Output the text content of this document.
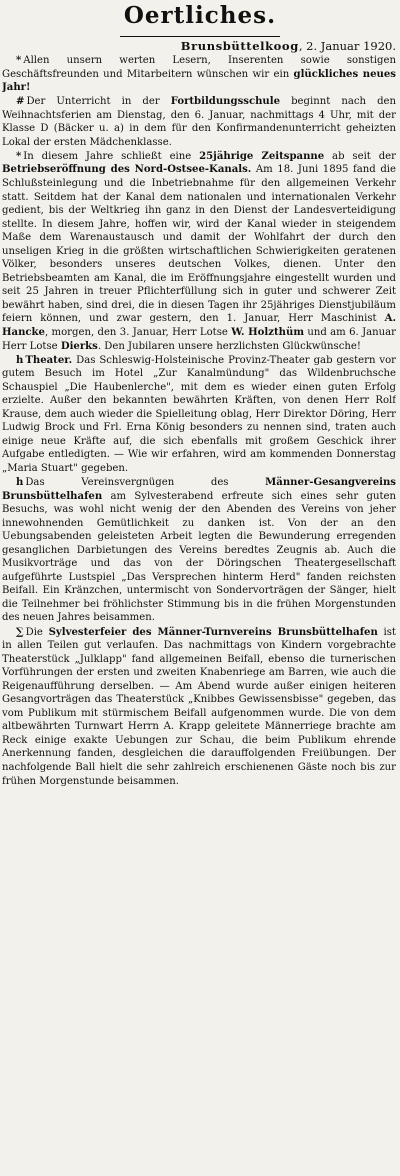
Oertliches.

Brunsbüttelkoog, 2. Januar 1920.

* Allen unsern werten Lesern, Inserenten sowie sonstigen Geschäftsfreunden und Mitarbeitern wünschen wir ein glückliches neues Jahr!

# Der Unterricht in der Fortbildungsschule beginnt nach den Weihnachtsferien am Dienstag, den 6. Januar, nachmittags 4 Uhr, mit der Klasse D (Bäcker u. a) in dem für den Konfirmandenunterricht geheizten Lokal der ersten Mädchenklasse.

* In diesem Jahre schließt eine 25jährige Zeitspanne ab seit der Betriebseröffnung des Nord-Ostsee-Kanals. Am 18. Juni 1895 fand die Schlußsteinlegung und die Inbetriebnahme für den allgemeinen Verkehr statt. Seitdem hat der Kanal dem nationalen und internationalen Verkehr gedient, bis der Weltkrieg ihn ganz in den Dienst der Landesverteidigung stellte. In diesem Jahre, hoffen wir, wird der Kanal wieder in steigendem Maße dem Warenaustausch und damit der Wohlfahrt der durch den unseligen Krieg in die größten wirtschaftlichen Schwierigkeiten geratenen Völker, besonders unseres deutschen Volkes, dienen. Unter den Betriebsbeamten am Kanal, die im Eröffnungsjahre eingestellt wurden und seit 25 Jahren in treuer Pflichterfüllung sich in guter und schwerer Zeit bewährt haben, sind drei, die in diesen Tagen ihr 25jähriges Dienstjubiläum feiern können, und zwar gestern, den 1. Januar, Herr Maschinist A. Hancke, morgen, den 3. Januar, Herr Lotse W. Holzthüm und am 6. Januar Herr Lotse Dierks. Den Jubilaren unsere herzlichsten Glückwünsche!

h Theater. Das Schleswig-Holsteinische Provinz-Theater gab gestern vor gutem Besuch im Hotel „Zur Kanalmündung" das Wildenbruchsche Schauspiel „Die Haubenlerche", mit dem es wieder einen guten Erfolg erzielte. Außer den bekannten bewährten Kräften, von denen Herr Rolf Krause, dem auch wieder die Spielleitung oblag, Herr Direktor Döring, Herr Ludwig Brock und Frl. Erna König besonders zu nennen sind, traten auch einige neue Kräfte auf, die sich ebenfalls mit großem Geschick ihrer Aufgabe entledigten. — Wie wir erfahren, wird am kommenden Donnerstag „Maria Stuart" gegeben.

h Das Vereinsvergnügen des Männer-Gesangvereins Brunsbüttelhafen am Sylvesterabend erfreute sich eines sehr guten Besuchs, was wohl nicht wenig der den Abenden des Vereins von jeher innewohnenden Gemütlichkeit zu danken ist. Von der an den Uebungsabenden geleisteten Arbeit legten die Bewunderung erregenden gesanglichen Darbietungen des Vereins beredtes Zeugnis ab. Auch die Musikvorträge und das von der Döringschen Theatergesellschaft aufgeführte Lustspiel „Das Versprechen hinterm Herd" fanden reichsten Beifall. Ein Kränzchen, untermischt von Sondervorträgen der Sänger, hielt die Teilnehmer bei fröhlichster Stimmung bis in die frühen Morgenstunden des neuen Jahres beisammen.

∑ Die Sylvesterfeier des Männer-Turnvereins Brunsbüttelhafen ist in allen Teilen gut verlaufen. Das nachmittags von Kindern vorgebrachte Theaterstück „Julklapp" fand allgemeinen Beifall, ebenso die turnerischen Vorführungen der ersten und zweiten Knabenriege am Barren, wie auch die Reigenaufführung derselben. — Am Abend wurde außer einigen heiteren Gesangvorträgen das Theaterstück „Knibbes Gewissensbisse" gegeben, das vom Publikum mit stürmischem Beifall aufgenommen wurde. Die von dem altbewährten Turnwart Herrn A. Krapp geleitete Männerriege brachte am Reck einige exakte Uebungen zur Schau, die beim Publikum ehrende Anerkennung fanden, desgleichen die darauffolgenden Freiübungen. Der nachfolgende Ball hielt die sehr zahlreich erschienenen Gäste noch bis zur frühen Morgenstunde beisammen.
